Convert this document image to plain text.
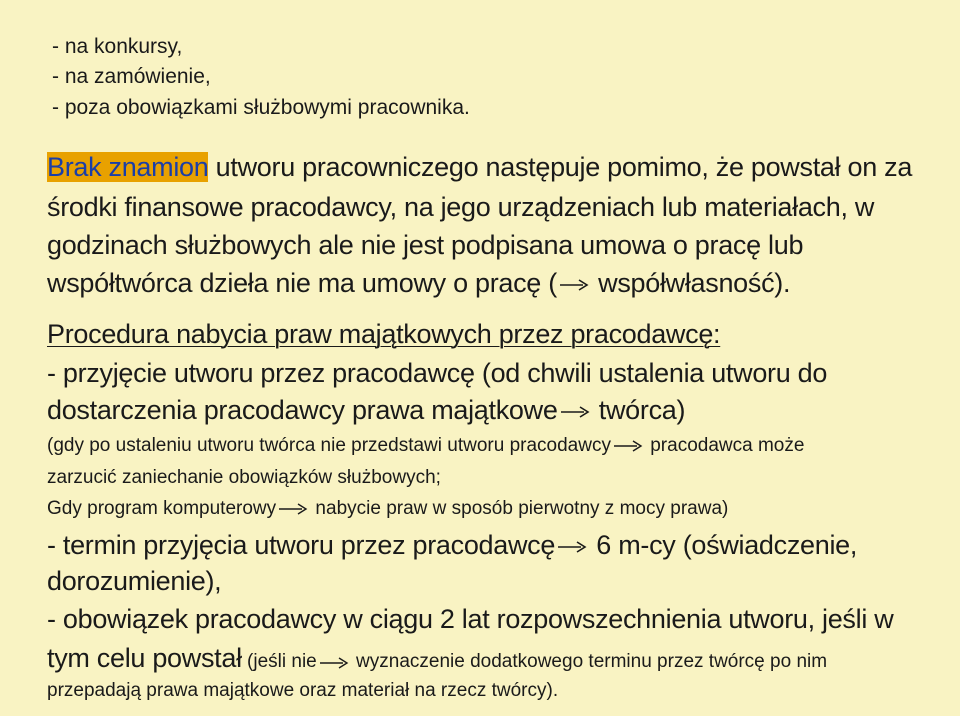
- na konkursy,
- na zamówienie,
- poza obowiązkami służbowymi pracownika.
Brak znamion utworu pracowniczego następuje pomimo, że powstał on za
środki finansowe pracodawcy, na jego urządzeniach lub materiałach, w
godzinach służbowych ale nie jest podpisana umowa o pracę lub
współtwórca dzieła nie ma umowy o pracę (
współwłasność).
Procedura nabycia praw majątkowych przez pracodawcę:
- przyjęcie utworu przez pracodawcę (od chwili ustalenia utworu do
dostarczenia pracodawcy prawa majątkowe
twórca)
(gdy po ustaleniu utworu twórca nie przedstawi utworu pracodawcy
pracodawca może
zarzucić zaniechanie obowiązków służbowych;
Gdy program komputerowy
nabycie praw w sposób pierwotny z mocy prawa)
- termin przyjęcia utworu przez pracodawcę
6 m-cy (oświadczenie,
dorozumienie),
- obowiązek pracodawcy w ciągu 2 lat rozpowszechnienia utworu, jeśli w
tym celu powstał (jeśli nie
wyznaczenie dodatkowego terminu przez twórcę po nim
przepadają prawa majątkowe oraz materiał na rzecz twórcy).
